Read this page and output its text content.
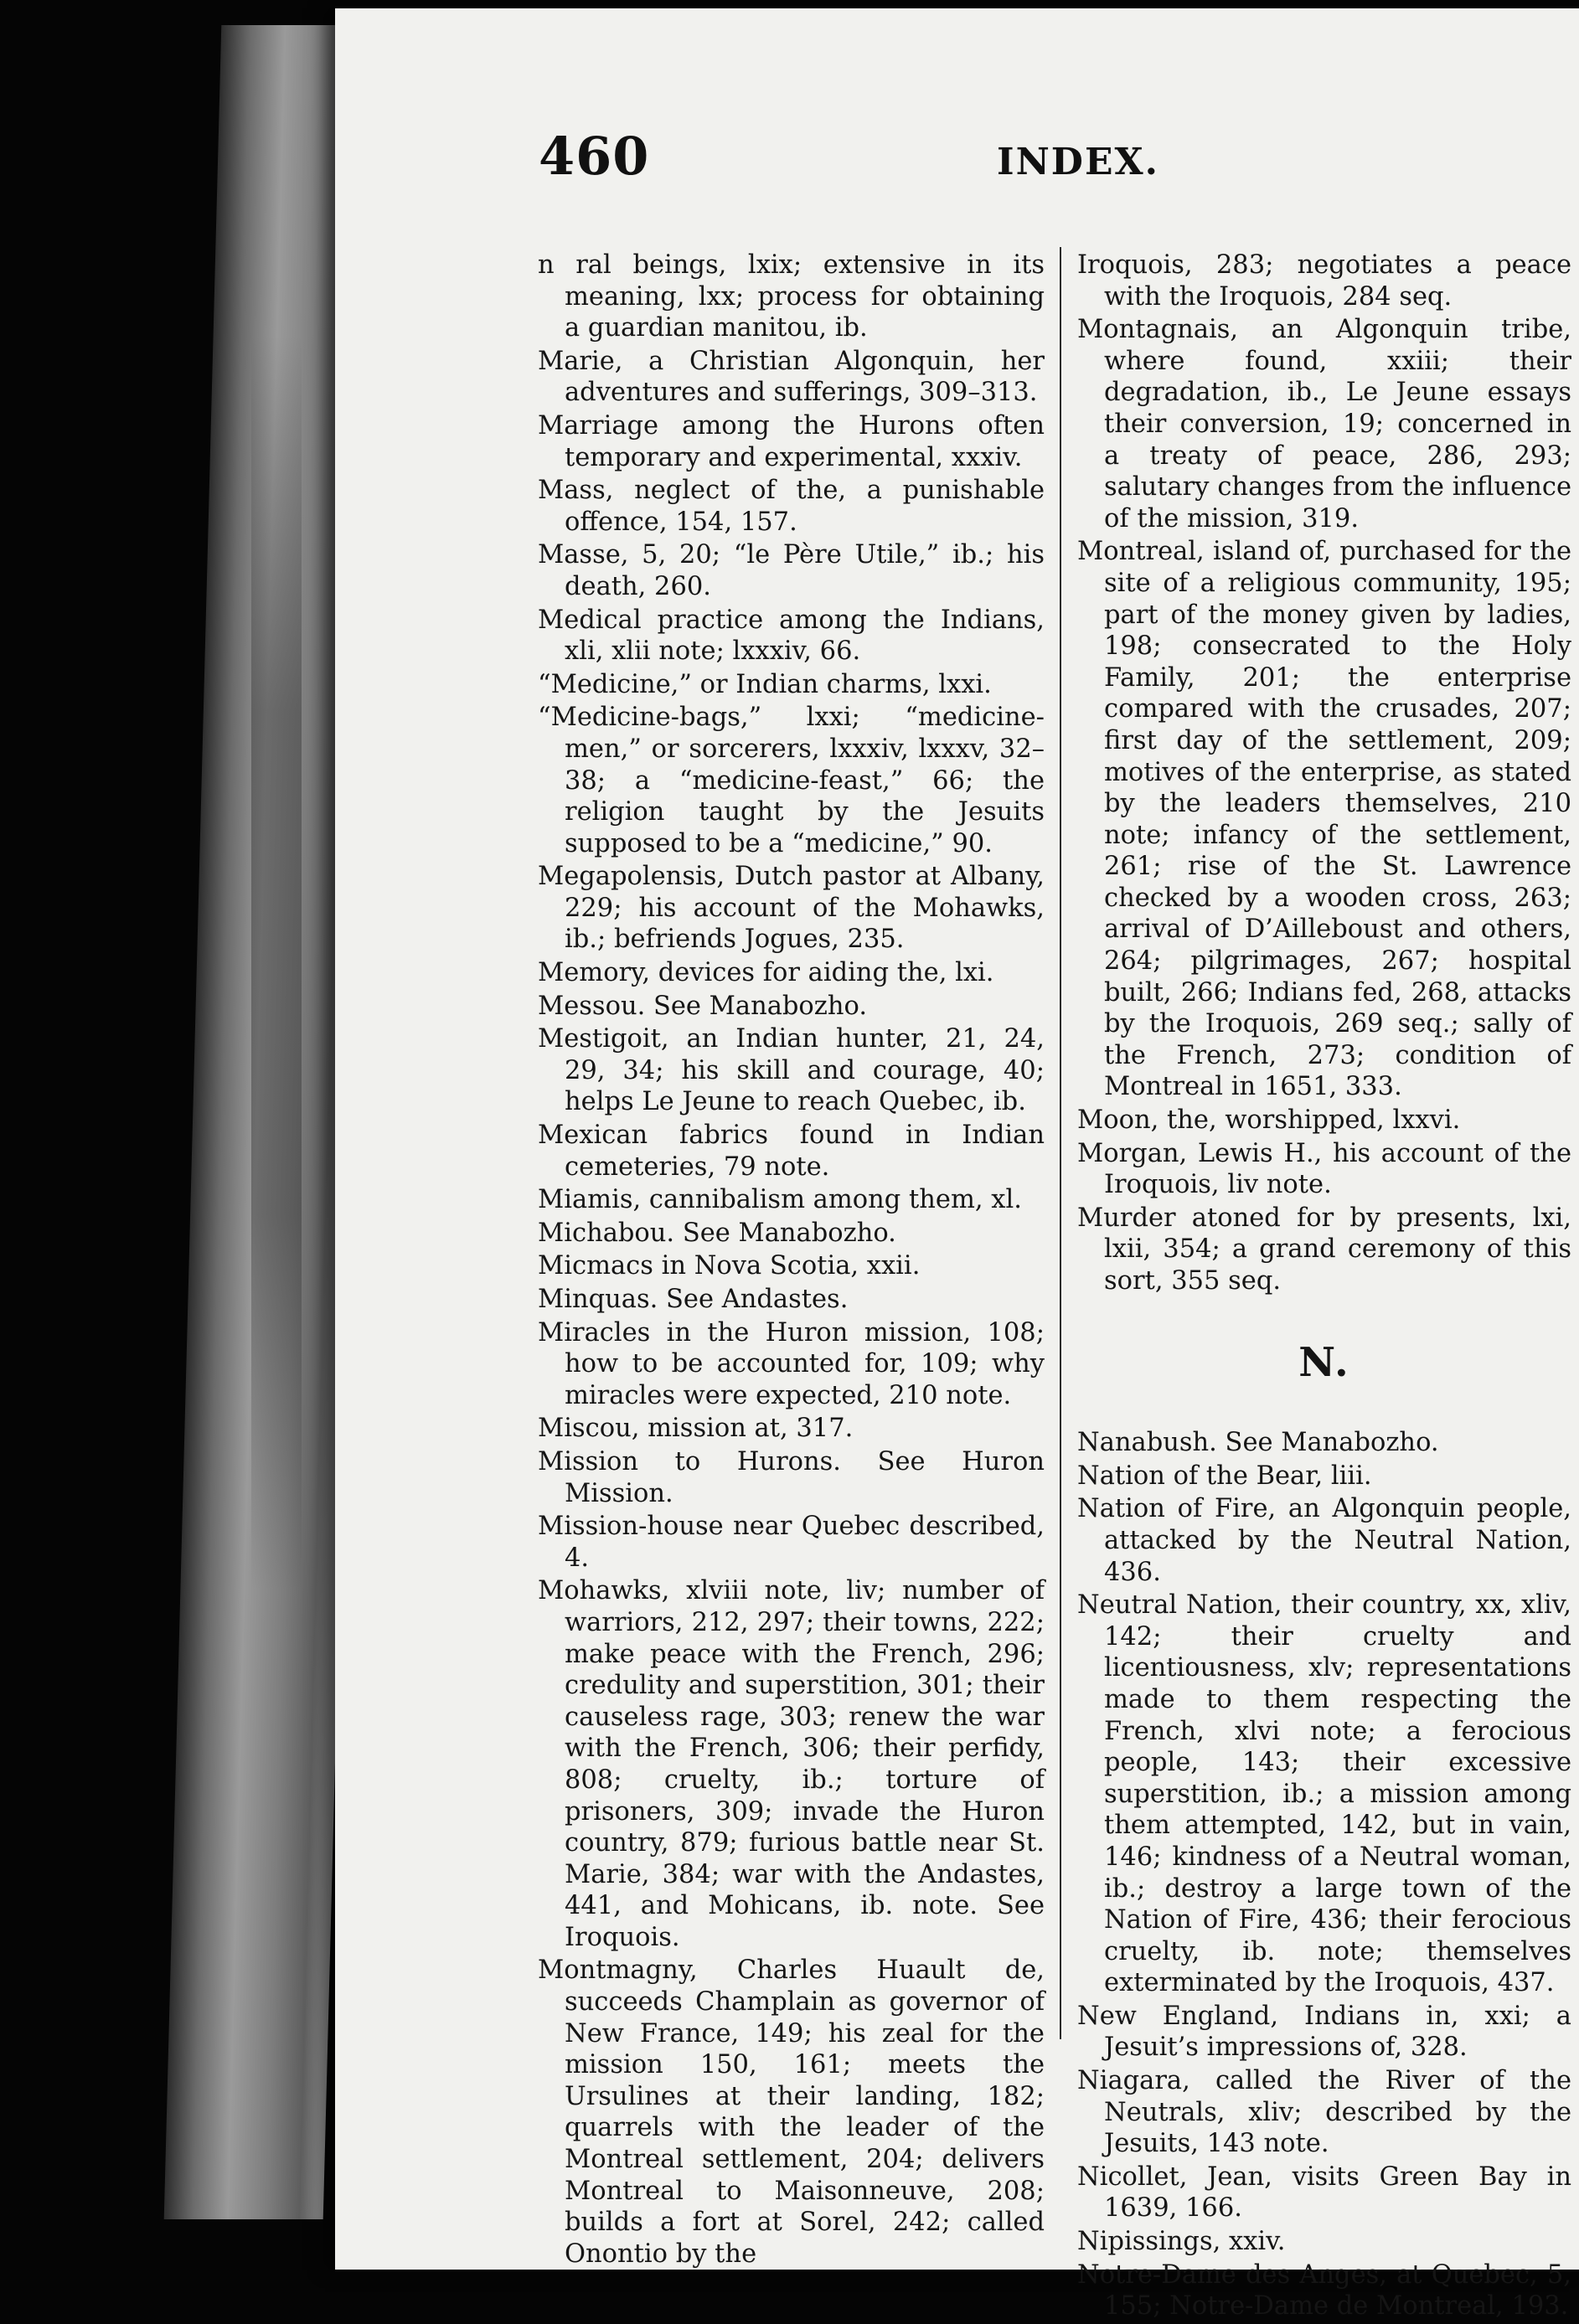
460	INDEX.

n ral beings, lxix; extensive in its meaning, lxx; process for obtaining a guardian manitou, ib.

Marie, a Christian Algonquin, her adventures and sufferings, 309–313.

Marriage among the Hurons often temporary and experimental, xxxiv.

Mass, neglect of the, a punishable offence, 154, 157.

Masse, 5, 20; “le Père Utile,” ib.; his death, 260.

Medical practice among the Indians, xli, xlii note; lxxxiv, 66.

“Medicine,” or Indian charms, lxxi.

“Medicine-bags,” lxxi; “medicine-men,” or sorcerers, lxxxiv, lxxxv, 32–38; a “medicine-feast,” 66; the religion taught by the Jesuits supposed to be a “medicine,” 90.

Megapolensis, Dutch pastor at Albany, 229; his account of the Mohawks, ib.; befriends Jogues, 235.

Memory, devices for aiding the, lxi.

Messou. See Manabozho.

Mestigoit, an Indian hunter, 21, 24, 29, 34; his skill and courage, 40; helps Le Jeune to reach Quebec, ib.

Mexican fabrics found in Indian cemeteries, 79 note.

Miamis, cannibalism among them, xl.

Michabou. See Manabozho.

Micmacs in Nova Scotia, xxii.

Minquas. See Andastes.

Miracles in the Huron mission, 108; how to be accounted for, 109; why miracles were expected, 210 note.

Miscou, mission at, 317.

Mission to Hurons. See Huron Mission.

Mission-house near Quebec described, 4.

Mohawks, xlviii note, liv; number of warriors, 212, 297; their towns, 222; make peace with the French, 296; credulity and superstition, 301; their causeless rage, 303; renew the war with the French, 306; their perfidy, 808; cruelty, ib.; torture of prisoners, 309; invade the Huron country, 879; furious battle near St. Marie, 384; war with the Andastes, 441, and Mohicans, ib. note. See Iroquois.

Montmagny, Charles Huault de, succeeds Champlain as governor of New France, 149; his zeal for the mission 150, 161; meets the Ursulines at their landing, 182; quarrels with the leader of the Montreal settlement, 204; delivers Montreal to Maisonneuve, 208; builds a fort at Sorel, 242; called Onontio by the

Iroquois, 283; negotiates a peace with the Iroquois, 284 seq.

Montagnais, an Algonquin tribe, where found, xxiii; their degradation, ib., Le Jeune essays their conversion, 19; concerned in a treaty of peace, 286, 293; salutary changes from the influence of the mission, 319.

Montreal, island of, purchased for the site of a religious community, 195; part of the money given by ladies, 198; consecrated to the Holy Family, 201; the enterprise compared with the crusades, 207; first day of the settlement, 209; motives of the enterprise, as stated by the leaders themselves, 210 note; infancy of the settlement, 261; rise of the St. Lawrence checked by a wooden cross, 263; arrival of D’Ailleboust and others, 264; pilgrimages, 267; hospital built, 266; Indians fed, 268, attacks by the Iroquois, 269 seq.; sally of the French, 273; condition of Montreal in 1651, 333.

Moon, the, worshipped, lxxvi.

Morgan, Lewis H., his account of the Iroquois, liv note.

Murder atoned for by presents, lxi, lxii, 354; a grand ceremony of this sort, 355 seq.

N.

Nanabush. See Manabozho.

Nation of the Bear, liii.

Nation of Fire, an Algonquin people, attacked by the Neutral Nation, 436.

Neutral Nation, their country, xx, xliv, 142; their cruelty and licentiousness, xlv; representations made to them respecting the French, xlvi note; a ferocious people, 143; their excessive superstition, ib.; a mission among them attempted, 142, but in vain, 146; kindness of a Neutral woman, ib.; destroy a large town of the Nation of Fire, 436; their ferocious cruelty, ib. note; themselves exterminated by the Iroquois, 437.

New England, Indians in, xxi; a Jesuit’s impressions of, 328.

Niagara, called the River of the Neutrals, xliv; described by the Jesuits, 143 note.

Nicollet, Jean, visits Green Bay in 1639, 166.

Nipissings, xxiv.

Notre-Dame des Anges, at Quebec, 5, 155; Notre-Dame de Montreal, 193.
